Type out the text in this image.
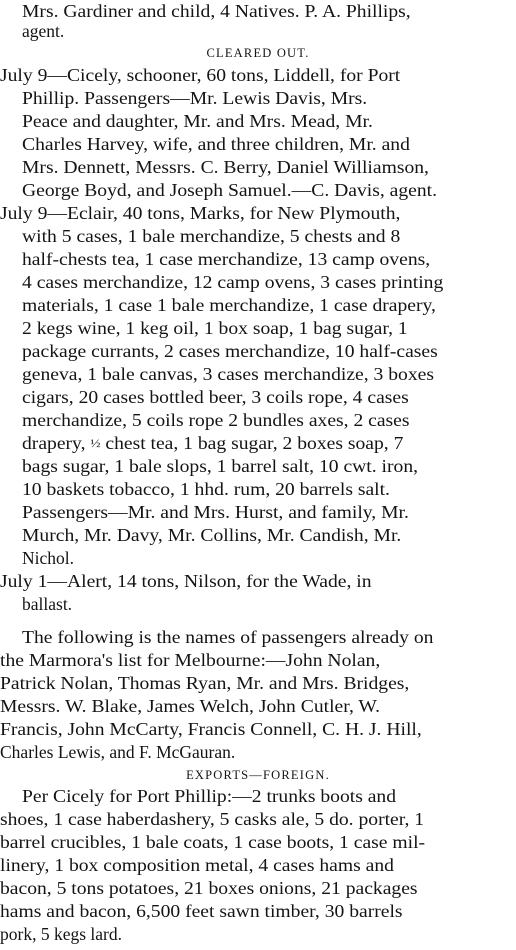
Mrs. Gardiner and child, 4 Natives. P. A. Phillips,
agent.
CLEARED OUT.
July 9—Cicely, schooner, 60 tons, Liddell, for Port
Phillip. Passengers—Mr. Lewis Davis, Mrs.
Peace and daughter, Mr. and Mrs. Mead, Mr.
Charles Harvey, wife, and three children, Mr. and
Mrs. Dennett, Messrs. C. Berry, Daniel Williamson,
George Boyd, and Joseph Samuel.—C. Davis, agent.
July 9—Eclair, 40 tons, Marks, for New Plymouth,
with 5 cases, 1 bale merchandize, 5 chests and 8
half-chests tea, 1 case merchandize, 13 camp ovens,
4 cases merchandize, 12 camp ovens, 3 cases printing
materials, 1 case 1 bale merchandize, 1 case drapery,
2 kegs wine, 1 keg oil, 1 box soap, 1 bag sugar, 1
package currants, 2 cases merchandize, 10 half-cases
geneva, 1 bale canvas, 3 cases merchandize, 3 boxes
cigars, 20 cases bottled beer, 3 coils rope, 4 cases
merchandize, 5 coils rope 2 bundles axes, 2 cases
drapery, ½ chest tea, 1 bag sugar, 2 boxes soap, 7
bags sugar, 1 bale slops, 1 barrel salt, 10 cwt. iron,
10 baskets tobacco, 1 hhd. rum, 20 barrels salt.
Passengers—Mr. and Mrs. Hurst, and family, Mr.
Murch, Mr. Davy, Mr. Collins, Mr. Candish, Mr.
Nichol.
July 1—Alert, 14 tons, Nilson, for the Wade, in
ballast.
The following is the names of passengers already on
the Marmora's list for Melbourne:—John Nolan,
Patrick Nolan, Thomas Ryan, Mr. and Mrs. Bridges,
Messrs. W. Blake, James Welch, John Cutler, W.
Francis, John McCarty, Francis Connell, C. H. J. Hill,
Charles Lewis, and F. McGauran.
EXPORTS—FOREIGN.
Per Cicely for Port Phillip:—2 trunks boots and
shoes, 1 case haberdashery, 5 casks ale, 5 do. porter, 1
barrel crucibles, 1 bale coats, 1 case boots, 1 case mil-
linery, 1 box composition metal, 4 cases hams and
bacon, 5 tons potatoes, 21 boxes onions, 21 packages
hams and bacon, 6,500 feet sawn timber, 30 barrels
pork, 5 kegs lard.
